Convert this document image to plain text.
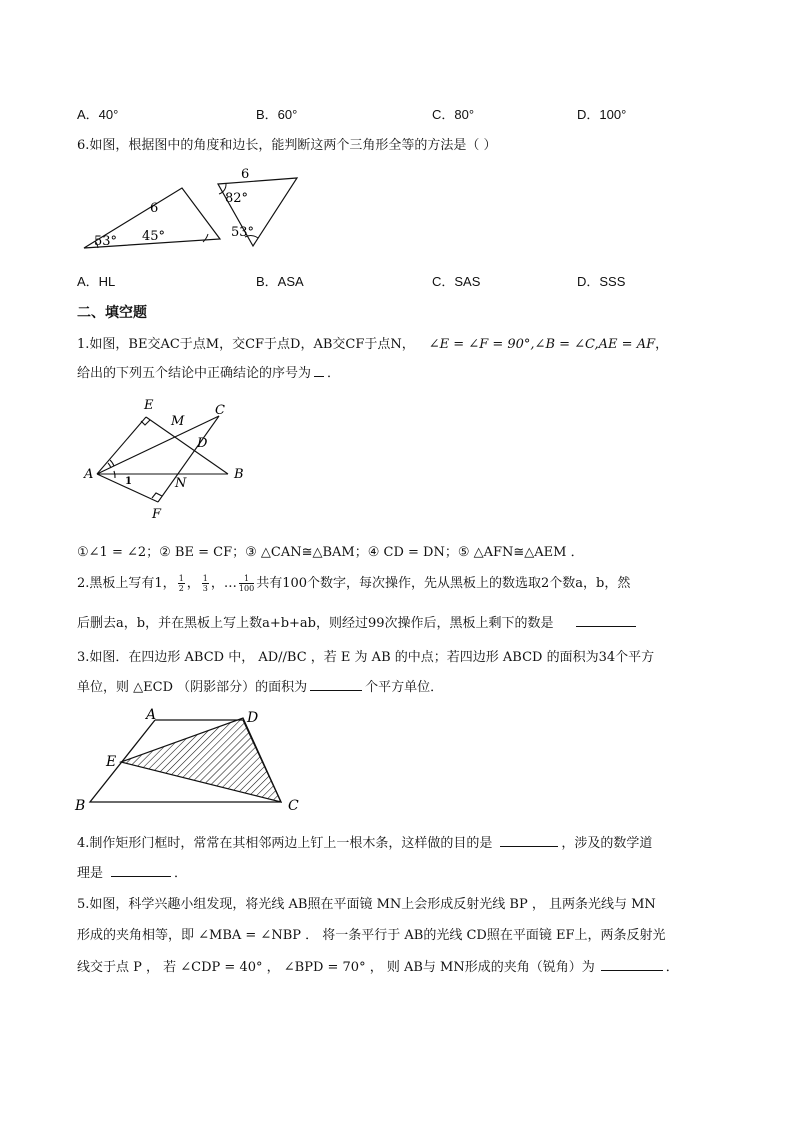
A．40°	B．60°	C．80°	D．100°
6.如图，根据图中的角度和边长，能判断这两个三角形全等的方法是（ ）
6
53° 45°
6
82°
53°
A．HL	B．ASA	C．SAS	D．SSS
二、填空题
1.如图，BE交AC于点M，交CF于点D，AB交CF于点N， ∠E = ∠F = 90°,∠B = ∠C,AE = AF，
给出的下列五个结论中正确结论的序号为 ．
E	C
M
D
A	B
N
F
1
①∠1 = ∠2；② BE = CF；③ △CAN≅△BAM；④ CD = DN；⑤ △AFN≅△AEM ．
2.黑板上写有1， $\frac{1}{2}$ ， $\frac{1}{3}$ ，… $\frac{1}{100}$ 共有100个数字，每次操作，先从黑板上的数选取2个数a，b，然
后删去a，b，并在黑板上写上数a+b+ab，则经过99次操作后，黑板上剩下的数是
3.如图．在四边形 ABCD 中， AD//BC ，若 E 为 AB 的中点；若四边形 ABCD 的面积为34个平方
单位，则 △ECD （阴影部分）的面积为	个平方单位．
A	D
E
B	C
4.制作矩形门框时，常常在其相邻两边上钉上一根木条，这样做的目的是	，涉及的数学道
理是	．
5.如图，科学兴趣小组发现，将光线 AB照在平面镜 MN上会形成反射光线 BP ， 且两条光线与 MN
形成的夹角相等，即 ∠MBA = ∠NBP ． 将一条平行于 AB的光线 CD照在平面镜 EF上，两条反射光
线交于点 P ， 若 ∠CDP = 40° ， ∠BPD = 70° ， 则 AB与 MN形成的夹角（锐角）为	．
